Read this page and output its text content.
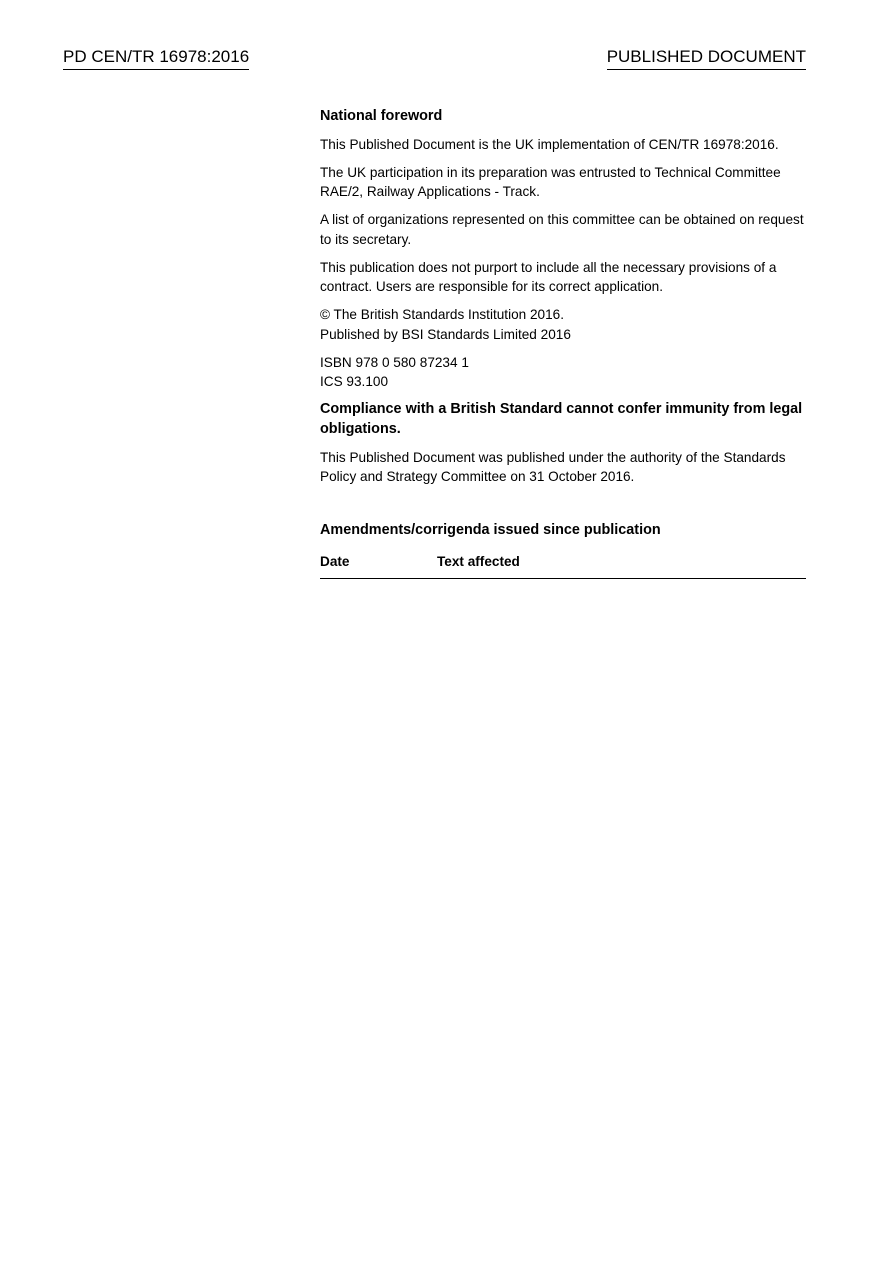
PD CEN/TR 16978:2016	PUBLISHED DOCUMENT
National foreword

This Published Document is the UK implementation of CEN/TR 16978:2016.

The UK participation in its preparation was entrusted to Technical Committee RAE/2, Railway Applications - Track.

A list of organizations represented on this committee can be obtained on request to its secretary.

This publication does not purport to include all the necessary provisions of a contract. Users are responsible for its correct application.

© The British Standards Institution 2016.
Published by BSI Standards Limited 2016

ISBN 978 0 580 87234 1
ICS 93.100

Compliance with a British Standard cannot confer immunity from legal obligations.

This Published Document was published under the authority of the Standards Policy and Strategy Committee on 31 October 2016.

Amendments/corrigenda issued since publication
Date	Text affected
